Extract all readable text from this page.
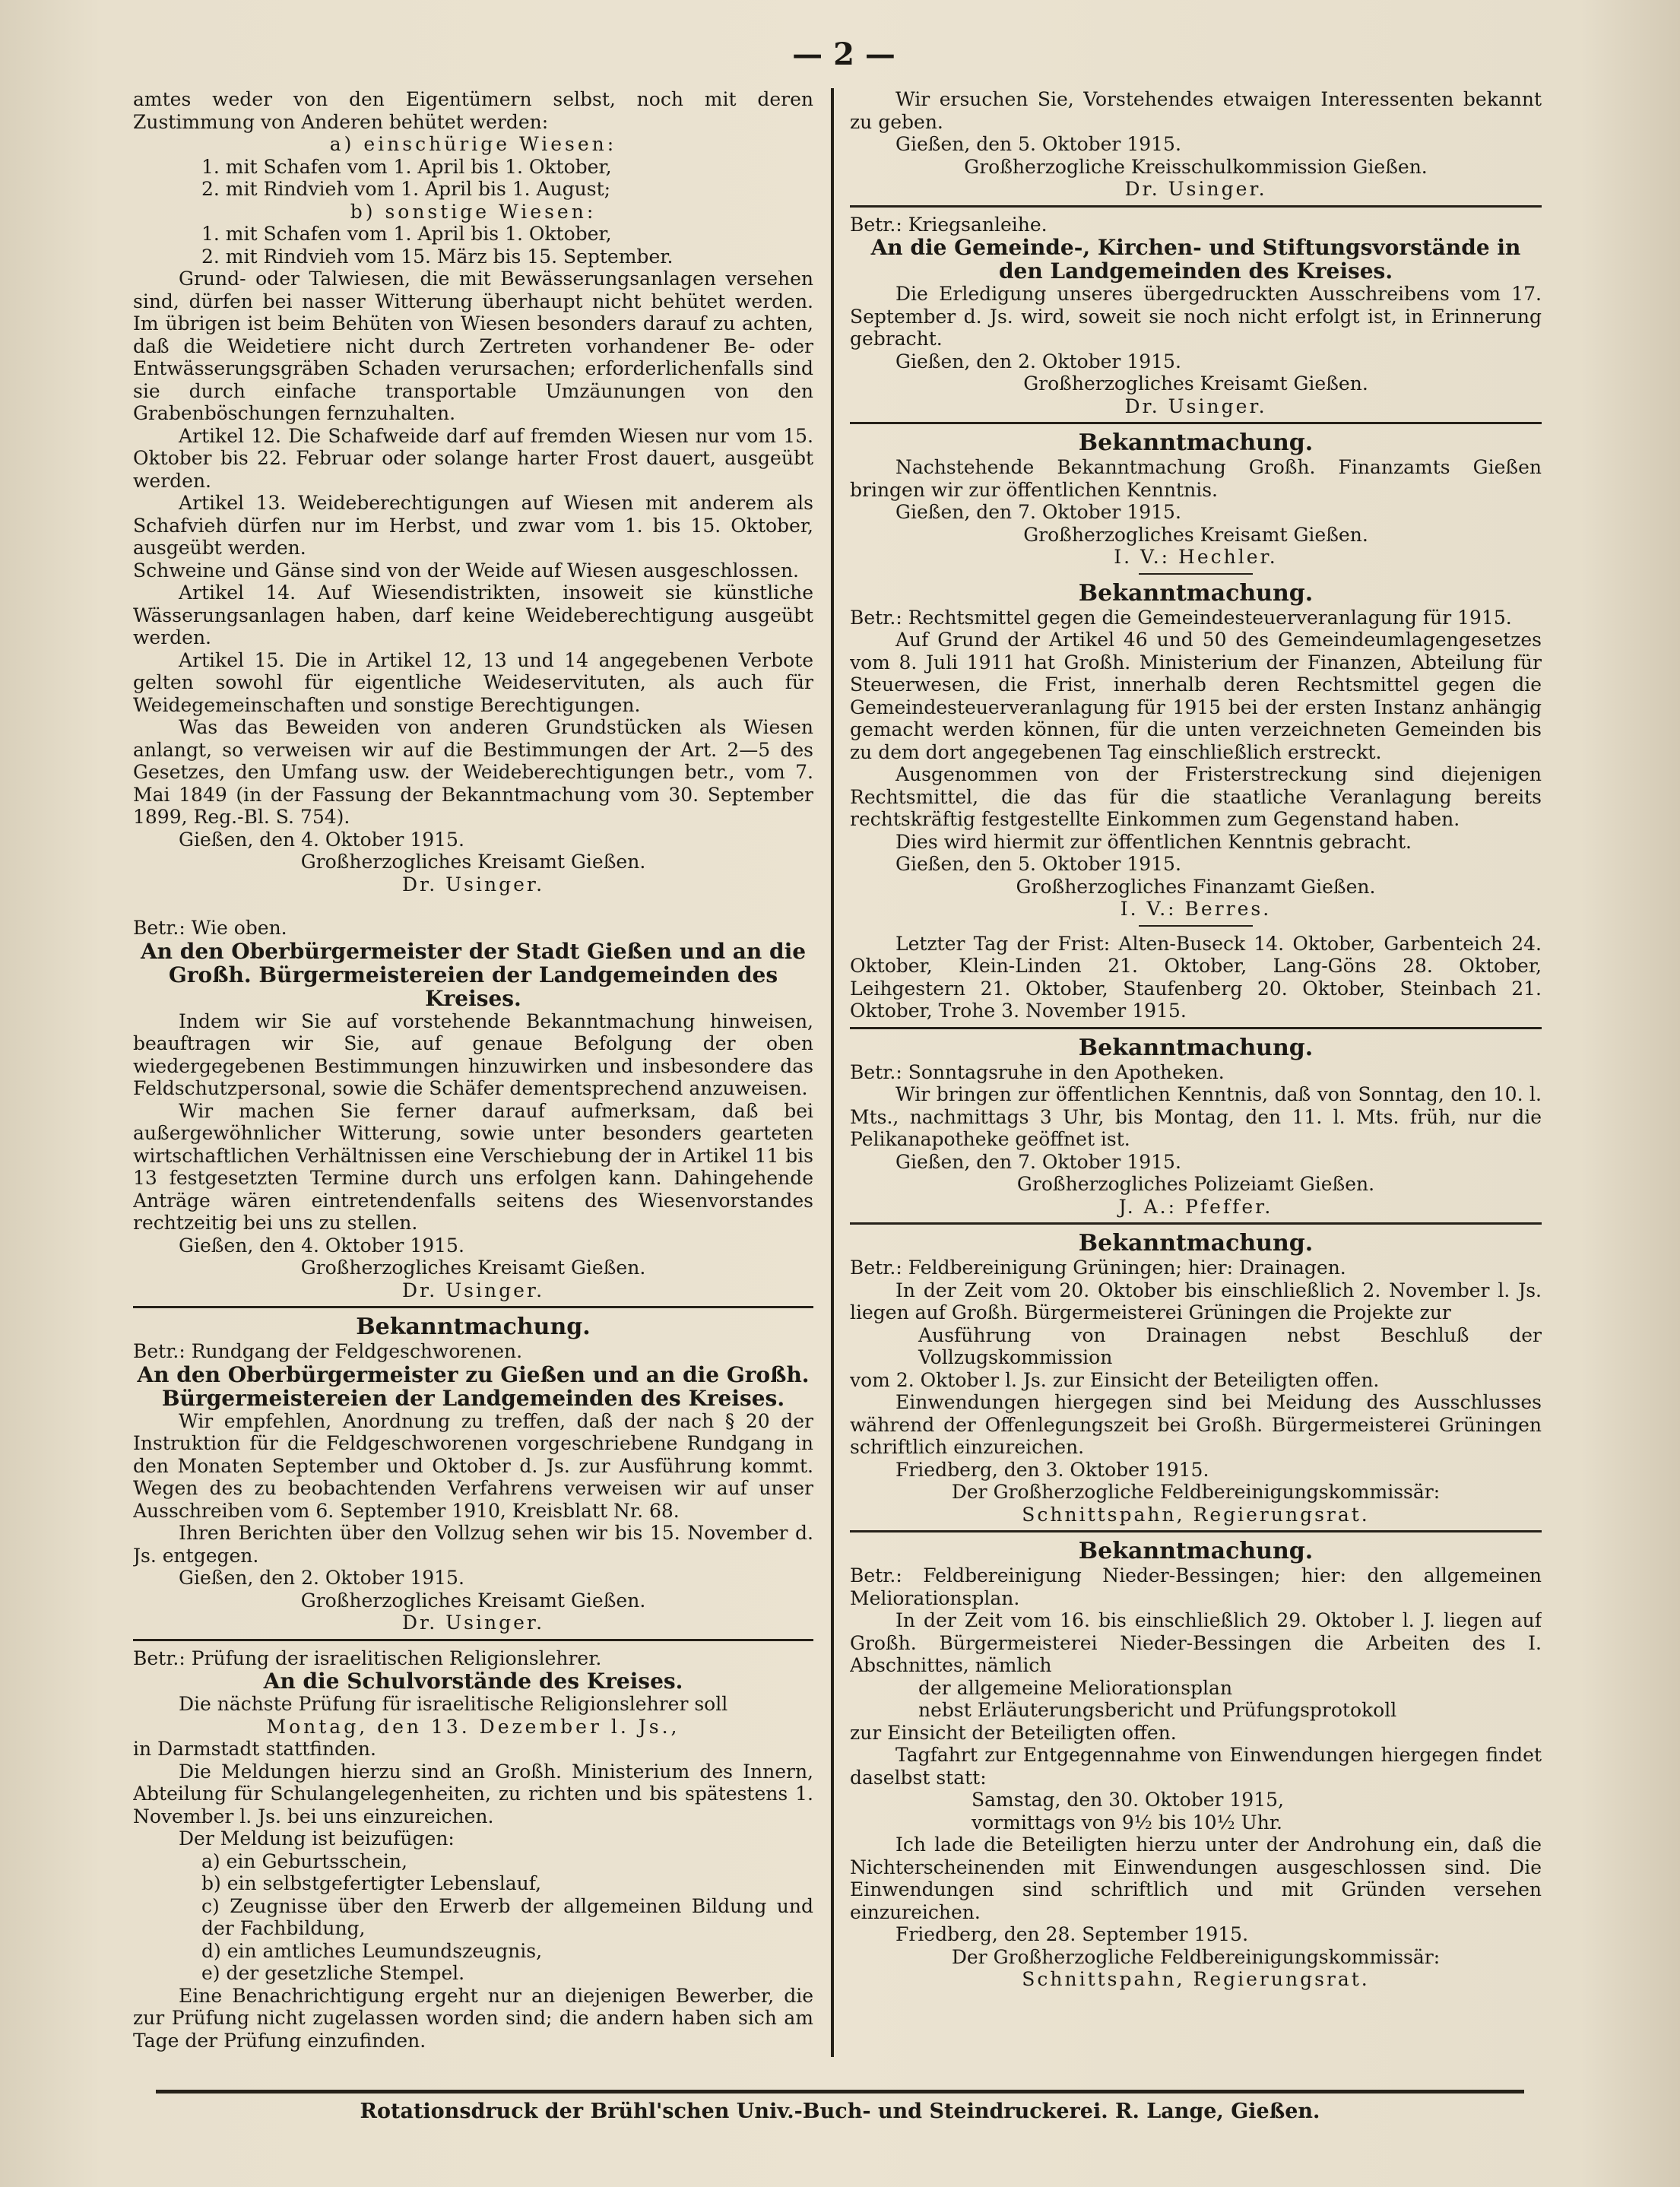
— 2 —

amtes weder von den Eigentümern selbst, noch mit deren Zustimmung von Anderen behütet werden:

a) einschürige Wiesen:

1. mit Schafen vom 1. April bis 1. Oktober,

2. mit Rindvieh vom 1. April bis 1. August;

b) sonstige Wiesen:

1. mit Schafen vom 1. April bis 1. Oktober,

2. mit Rindvieh vom 15. März bis 15. September.

Grund- oder Talwiesen, die mit Bewässerungsanlagen versehen sind, dürfen bei nasser Witterung überhaupt nicht behütet werden. Im übrigen ist beim Behüten von Wiesen besonders darauf zu achten, daß die Weidetiere nicht durch Zertreten vorhandener Be- oder Entwässerungsgräben Schaden verursachen; erforderlichenfalls sind sie durch einfache transportable Umzäunungen von den Grabenböschungen fernzuhalten.

Artikel 12. Die Schafweide darf auf fremden Wiesen nur vom 15. Oktober bis 22. Februar oder solange harter Frost dauert, ausgeübt werden.

Artikel 13. Weideberechtigungen auf Wiesen mit anderem als Schafvieh dürfen nur im Herbst, und zwar vom 1. bis 15. Oktober, ausgeübt werden.

Schweine und Gänse sind von der Weide auf Wiesen ausgeschlossen.

Artikel 14. Auf Wiesendistrikten, insoweit sie künstliche Wässerungsanlagen haben, darf keine Weideberechtigung ausgeübt werden.

Artikel 15. Die in Artikel 12, 13 und 14 angegebenen Verbote gelten sowohl für eigentliche Weideservituten, als auch für Weidegemeinschaften und sonstige Berechtigungen.

Was das Beweiden von anderen Grundstücken als Wiesen anlangt, so verweisen wir auf die Bestimmungen der Art. 2—5 des Gesetzes, den Umfang usw. der Weideberechtigungen betr., vom 7. Mai 1849 (in der Fassung der Bekanntmachung vom 30. September 1899, Reg.-Bl. S. 754).

Gießen, den 4. Oktober 1915.

Großherzogliches Kreisamt Gießen.

Dr. Usinger.

Betr.: Wie oben.

An den Oberbürgermeister der Stadt Gießen und an die Großh. Bürgermeistereien der Landgemeinden des Kreises.

Indem wir Sie auf vorstehende Bekanntmachung hinweisen, beauftragen wir Sie, auf genaue Befolgung der oben wiedergegebenen Bestimmungen hinzuwirken und insbesondere das Feldschutzpersonal, sowie die Schäfer dementsprechend anzuweisen.

Wir machen Sie ferner darauf aufmerksam, daß bei außergewöhnlicher Witterung, sowie unter besonders gearteten wirtschaftlichen Verhältnissen eine Verschiebung der in Artikel 11 bis 13 festgesetzten Termine durch uns erfolgen kann. Dahingehende Anträge wären eintretendenfalls seitens des Wiesenvorstandes rechtzeitig bei uns zu stellen.

Gießen, den 4. Oktober 1915.

Großherzogliches Kreisamt Gießen.

Dr. Usinger.

Bekanntmachung.

Betr.: Rundgang der Feldgeschworenen.

An den Oberbürgermeister zu Gießen und an die Großh. Bürgermeistereien der Landgemeinden des Kreises.

Wir empfehlen, Anordnung zu treffen, daß der nach § 20 der Instruktion für die Feldgeschworenen vorgeschriebene Rundgang in den Monaten September und Oktober d. Js. zur Ausführung kommt. Wegen des zu beobachtenden Verfahrens verweisen wir auf unser Ausschreiben vom 6. September 1910, Kreisblatt Nr. 68.

Ihren Berichten über den Vollzug sehen wir bis 15. November d. Js. entgegen.

Gießen, den 2. Oktober 1915.

Großherzogliches Kreisamt Gießen.

Dr. Usinger.

Betr.: Prüfung der israelitischen Religionslehrer.

An die Schulvorstände des Kreises.

Die nächste Prüfung für israelitische Religionslehrer soll

Montag, den 13. Dezember l. Js.,

in Darmstadt stattfinden.

Die Meldungen hierzu sind an Großh. Ministerium des Innern, Abteilung für Schulangelegenheiten, zu richten und bis spätestens 1. November l. Js. bei uns einzureichen.

Der Meldung ist beizufügen:

a) ein Geburtsschein,

b) ein selbstgefertigter Lebenslauf,

c) Zeugnisse über den Erwerb der allgemeinen Bildung und der Fachbildung,

d) ein amtliches Leumundszeugnis,

e) der gesetzliche Stempel.

Eine Benachrichtigung ergeht nur an diejenigen Bewerber, die zur Prüfung nicht zugelassen worden sind; die andern haben sich am Tage der Prüfung einzufinden.

Wir ersuchen Sie, Vorstehendes etwaigen Interessenten bekannt zu geben.

Gießen, den 5. Oktober 1915.

Großherzogliche Kreisschulkommission Gießen.

Dr. Usinger.

Betr.: Kriegsanleihe.

An die Gemeinde-, Kirchen- und Stiftungsvorstände in den Landgemeinden des Kreises.

Die Erledigung unseres übergedruckten Ausschreibens vom 17. September d. Js. wird, soweit sie noch nicht erfolgt ist, in Erinnerung gebracht.

Gießen, den 2. Oktober 1915.

Großherzogliches Kreisamt Gießen.

Dr. Usinger.

Bekanntmachung.

Nachstehende Bekanntmachung Großh. Finanzamts Gießen bringen wir zur öffentlichen Kenntnis.

Gießen, den 7. Oktober 1915.

Großherzogliches Kreisamt Gießen.

I. V.: Hechler.

Bekanntmachung.

Betr.: Rechtsmittel gegen die Gemeindesteuerveranlagung für 1915.

Auf Grund der Artikel 46 und 50 des Gemeindeumlagengesetzes vom 8. Juli 1911 hat Großh. Ministerium der Finanzen, Abteilung für Steuerwesen, die Frist, innerhalb deren Rechtsmittel gegen die Gemeindesteuerveranlagung für 1915 bei der ersten Instanz anhängig gemacht werden können, für die unten verzeichneten Gemeinden bis zu dem dort angegebenen Tag einschließlich erstreckt.

Ausgenommen von der Fristerstreckung sind diejenigen Rechtsmittel, die das für die staatliche Veranlagung bereits rechtskräftig festgestellte Einkommen zum Gegenstand haben.

Dies wird hiermit zur öffentlichen Kenntnis gebracht.

Gießen, den 5. Oktober 1915.

Großherzogliches Finanzamt Gießen.

I. V.: Berres.

Letzter Tag der Frist: Alten-Buseck 14. Oktober, Garbenteich 24. Oktober, Klein-Linden 21. Oktober, Lang-Göns 28. Oktober, Leihgestern 21. Oktober, Staufenberg 20. Oktober, Steinbach 21. Oktober, Trohe 3. November 1915.

Bekanntmachung.

Betr.: Sonntagsruhe in den Apotheken.

Wir bringen zur öffentlichen Kenntnis, daß von Sonntag, den 10. l. Mts., nachmittags 3 Uhr, bis Montag, den 11. l. Mts. früh, nur die Pelikanapotheke geöffnet ist.

Gießen, den 7. Oktober 1915.

Großherzogliches Polizeiamt Gießen.

J. A.: Pfeffer.

Bekanntmachung.

Betr.: Feldbereinigung Grüningen; hier: Drainagen.

In der Zeit vom 20. Oktober bis einschließlich 2. November l. Js. liegen auf Großh. Bürgermeisterei Grüningen die Projekte zur

Ausführung von Drainagen nebst Beschluß der Vollzugskommission

vom 2. Oktober l. Js. zur Einsicht der Beteiligten offen.

Einwendungen hiergegen sind bei Meidung des Ausschlusses während der Offenlegungszeit bei Großh. Bürgermeisterei Grüningen schriftlich einzureichen.

Friedberg, den 3. Oktober 1915.

Der Großherzogliche Feldbereinigungskommissär:

Schnittspahn, Regierungsrat.

Bekanntmachung.

Betr.: Feldbereinigung Nieder-Bessingen; hier: den allgemeinen Meliorationsplan.

In der Zeit vom 16. bis einschließlich 29. Oktober l. J. liegen auf Großh. Bürgermeisterei Nieder-Bessingen die Arbeiten des I. Abschnittes, nämlich

der allgemeine Meliorationsplan

nebst Erläuterungsbericht und Prüfungsprotokoll

zur Einsicht der Beteiligten offen.

Tagfahrt zur Entgegennahme von Einwendungen hiergegen findet daselbst statt:

Samstag, den 30. Oktober 1915,

vormittags von 9½ bis 10½ Uhr.

Ich lade die Beteiligten hierzu unter der Androhung ein, daß die Nichterscheinenden mit Einwendungen ausgeschlossen sind. Die Einwendungen sind schriftlich und mit Gründen versehen einzureichen.

Friedberg, den 28. September 1915.

Der Großherzogliche Feldbereinigungskommissär:

Schnittspahn, Regierungsrat.

Rotationsdruck der Brühl'schen Univ.-Buch- und Steindruckerei. R. Lange, Gießen.
